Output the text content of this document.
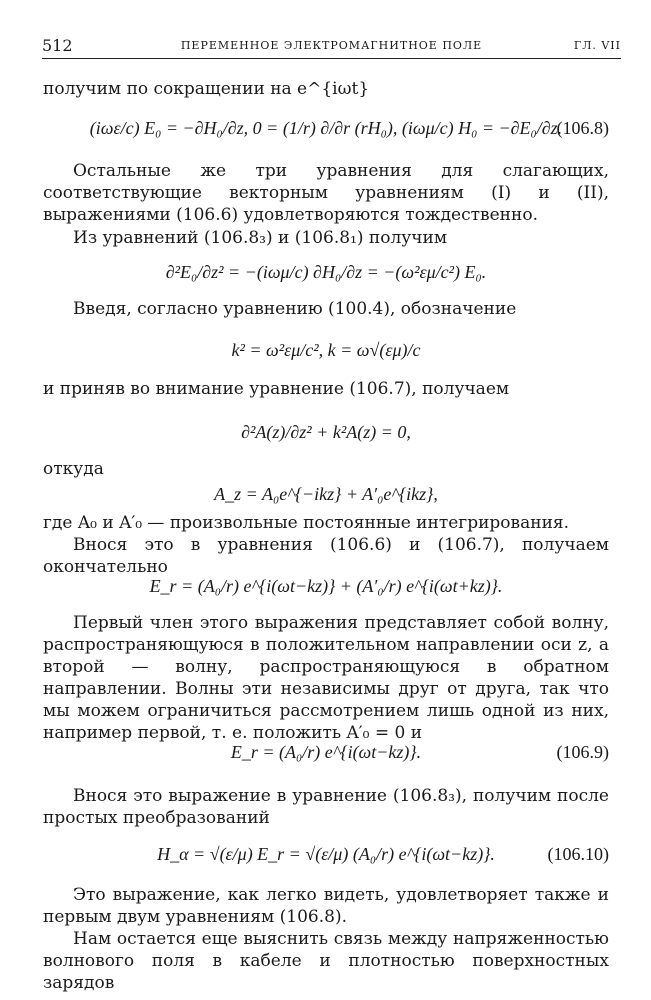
512	ПЕРЕМЕННОЕ ЭЛЕКТРОМАГНИТНОЕ ПОЛЕ	ГЛ. VII

получим по сокращении на e^{iωt}

(iωε/c) E₀ = −∂H₀/∂z, 0 = (1/r) ∂/∂r (rH₀), (iωμ/c) H₀ = −∂E₀/∂z.
(106.8)

Остальные же три уравнения для слагающих, соответствующие векторным уравнениям (I) и (II), выражениями (106.6) удовлетворяются тождественно.

Из уравнений (106.8₃) и (106.8₁) получим

∂²E₀/∂z² = −(iωμ/c) ∂H₀/∂z = −(ω²εμ/c²) E₀.

Введя, согласно уравнению (100.4), обозначение

k² = ω²εμ/c², k = ω√(εμ)/c

и приняв во внимание уравнение (106.7), получаем

∂²A(z)/∂z² + k²A(z) = 0,

откуда

A_z = A₀e^{−ikz} + A′₀e^{ikz},

где A₀ и A′₀ — произвольные постоянные интегрирования.

Внося это в уравнения (106.6) и (106.7), получаем окончательно

E_r = (A₀/r) e^{i(ωt−kz)} + (A′₀/r) e^{i(ωt+kz)}.

Первый член этого выражения представляет собой волну, распространяющуюся в положительном направлении оси z, а второй — волну, распространяющуюся в обратном направлении. Волны эти независимы друг от друга, так что мы можем ограничиться рассмотрением лишь одной из них, например первой, т. е. положить A′₀ = 0 и

E_r = (A₀/r) e^{i(ωt−kz)}.	(106.9)

Внося это выражение в уравнение (106.8₃), получим после простых преобразований

H_α = √(ε/μ) E_r = √(ε/μ) (A₀/r) e^{i(ωt−kz)}.	(106.10)

Это выражение, как легко видеть, удовлетворяет также и первым двум уравнениям (106.8).

Нам остается еще выяснить связь между напряженностью волнового поля в кабеле и плотностью поверхностных зарядов
